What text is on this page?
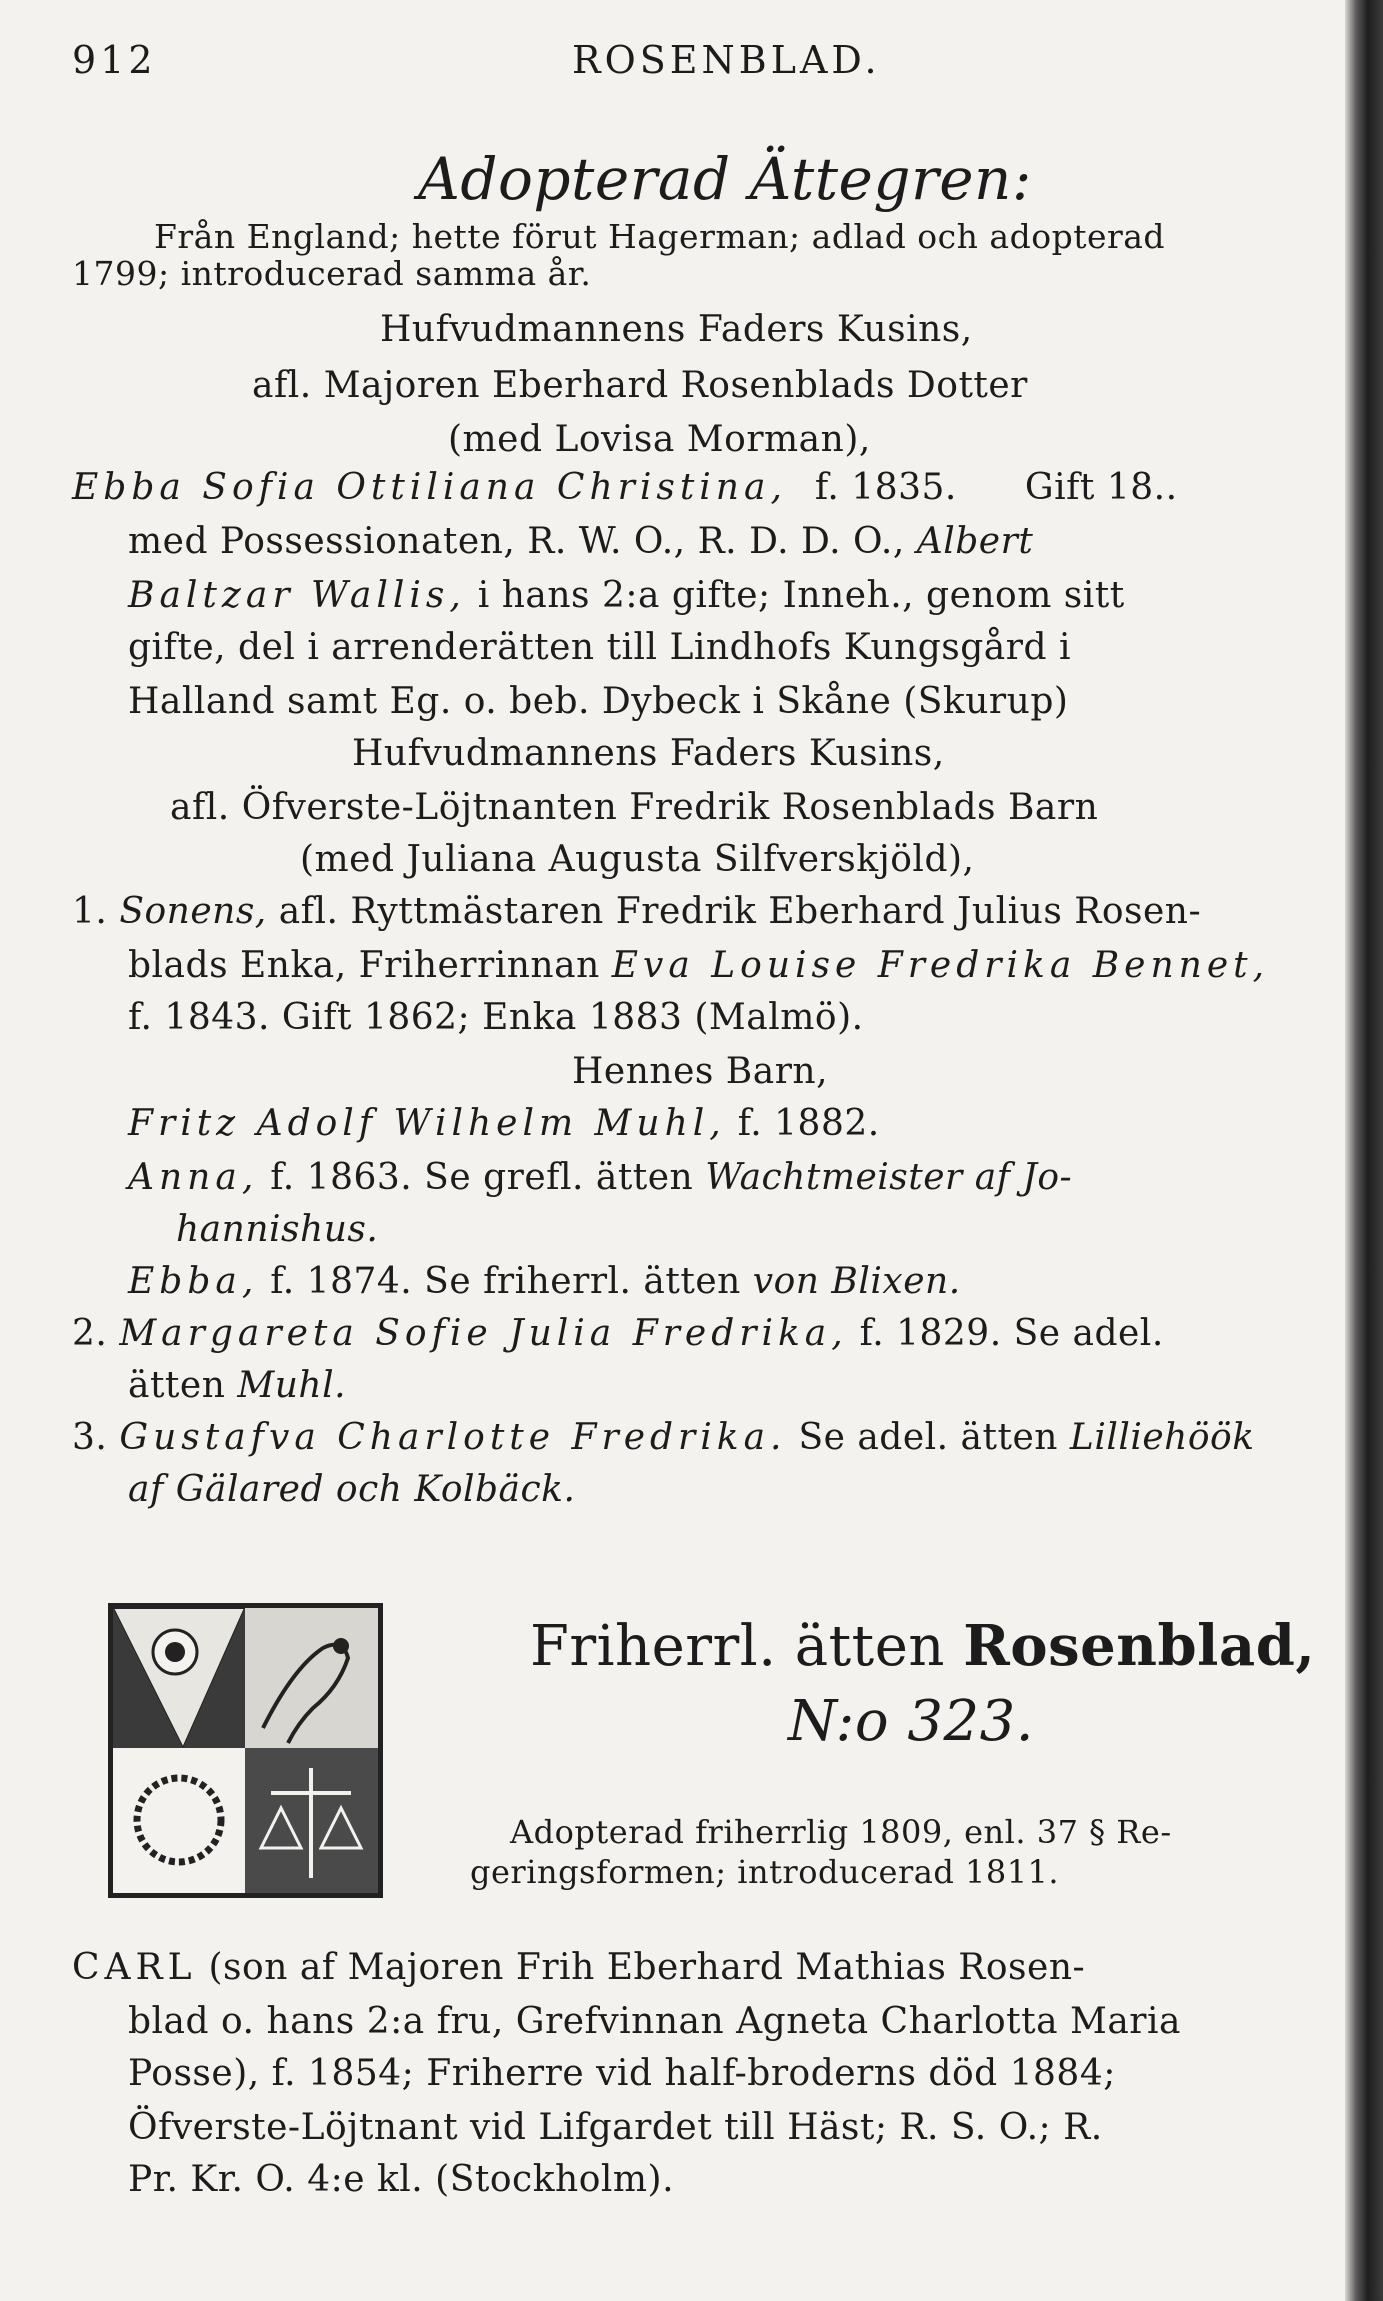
912	ROSENBLAD.
Adopterad Ättegren:
Från England; hette förut Hagerman; adlad och adopterad
1799; introducerad samma år.
Hufvudmannens Faders Kusins,
afl. Majoren Eberhard Rosenblads Dotter
(med Lovisa Morman),
Ebba Sofia Ottiliana Christina, f. 1835. Gift 18..
med Possessionaten, R. W. O., R. D. D. O., Albert
Baltzar Wallis, i hans 2:a gifte; Inneh., genom sitt
gifte, del i arrenderätten till Lindhofs Kungsgård i
Halland samt Eg. o. beb. Dybeck i Skåne (Skurup)
Hufvudmannens Faders Kusins,
afl. Öfverste-Löjtnanten Fredrik Rosenblads Barn
(med Juliana Augusta Silfverskjöld),
1. Sonens, afl. Ryttmästaren Fredrik Eberhard Julius Rosen-
blads Enka, Friherrinnan Eva Louise Fredrika Bennet,
f. 1843. Gift 1862; Enka 1883 (Malmö).
Hennes Barn,
Fritz Adolf Wilhelm Muhl, f. 1882.
Anna, f. 1863. Se grefl. ätten Wachtmeister af Jo-
hannishus.
Ebba, f. 1874. Se friherrl. ätten von Blixen.
2. Margareta Sofie Julia Fredrika, f. 1829. Se adel.
ätten Muhl.
3. Gustafva Charlotte Fredrika. Se adel. ätten Lilliehöök
af Gälared och Kolbäck.
Friherrl. ätten Rosenblad,
N:o 323.
Adopterad friherrlig 1809, enl. 37 § Re-
geringsformen; introducerad 1811.
CARL (son af Majoren Frih Eberhard Mathias Rosen-
blad o. hans 2:a fru, Grefvinnan Agneta Charlotta Maria
Posse), f. 1854; Friherre vid half-broderns död 1884;
Öfverste-Löjtnant vid Lifgardet till Häst; R. S. O.; R.
Pr. Kr. O. 4:e kl. (Stockholm).
